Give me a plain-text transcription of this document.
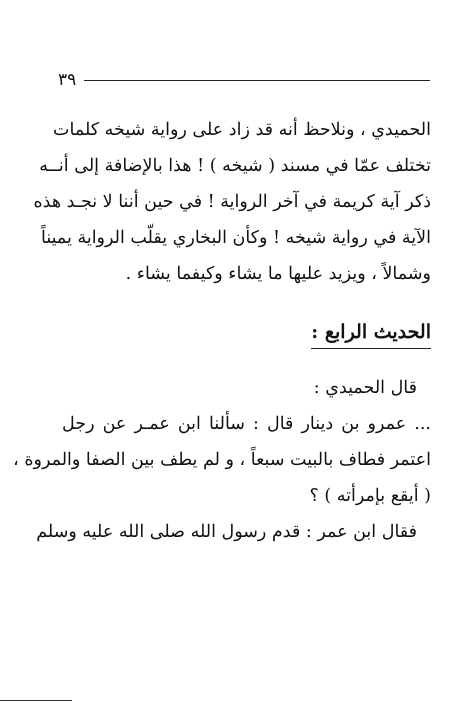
٣٩
الحميدي ، ونلاحظ أنه قد زاد على رواية شيخه كلمات
تختلف عمّا في مسند ( شيخه ) ! هذا بالإضافة إلى أنــه
ذكر آية كريمة في آخر الرواية ! في حين أننا لا نجـد هذه
الآية في رواية شيخه ! وكأن البخاري يقلّب الرواية يميناً
وشمالاً ، ويزيد عليها ما يشاء وكيفما يشاء .
الحديث الرابع :
قال الحميدي :
... عمرو بن دينار قال : سألنا ابن عمـر عن رجل
اعتمر فطاف بالبيت سبعاً ، و لم يطف بين الصفا والمروة ،
( أيقع بإمرأته ) ؟
فقال ابن عمر : قدم رسول الله صلى الله عليه وسلم
